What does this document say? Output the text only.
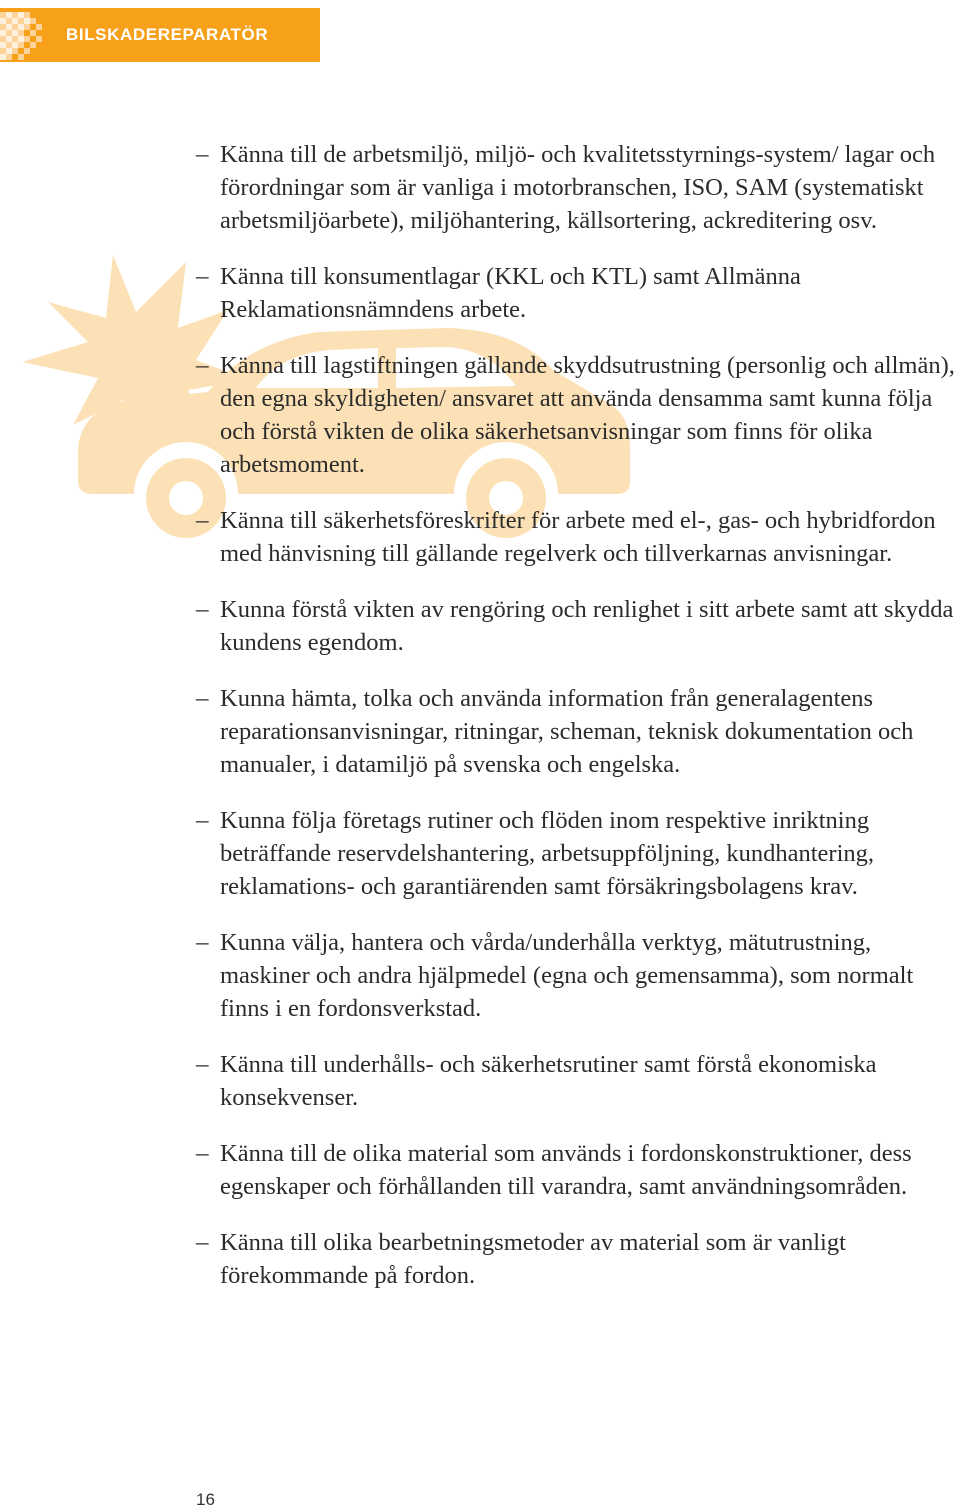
BILSKADEREPARATÖR
– Känna till de arbetsmiljö, miljö- och kvalitetsstyrnings-system/ lagar och förordningar som är vanliga i motorbranschen, ISO, SAM (systematiskt arbetsmiljöarbete), miljöhantering, källsortering, ackreditering osv.
– Känna till konsumentlagar (KKL och KTL) samt Allmänna Reklamationsnämndens arbete.
– Känna till lagstiftningen gällande skyddsutrustning (personlig och allmän), den egna skyldigheten/ ansvaret att använda densamma samt kunna följa och förstå vikten de olika säkerhetsanvisningar som finns för olika arbetsmoment.
– Känna till säkerhetsföreskrifter för arbete med el-, gas- och hybridfordon med hänvisning till gällande regelverk och tillverkarnas anvisningar.
– Kunna förstå vikten av rengöring och renlighet i sitt arbete samt att skydda kundens egendom.
– Kunna hämta, tolka och använda information från generalagentens reparationsanvisningar, ritningar, scheman, teknisk dokumentation och manualer, i datamiljö på svenska och engelska.
– Kunna följa företags rutiner och flöden inom respektive inriktning beträffande reservdelshantering, arbetsuppföljning, kundhantering, reklamations- och garantiärenden samt försäkringsbolagens krav.
– Kunna välja, hantera och vårda/underhålla verktyg, mätutrustning, maskiner och andra hjälpmedel (egna och gemensamma), som normalt finns i en fordonsverkstad.
– Känna till underhålls- och säkerhetsrutiner samt förstå ekonomiska konsekvenser.
– Känna till de olika material som används i fordonskonstruktioner, dess egenskaper och förhållanden till varandra, samt användningsområden.
– Känna till olika bearbetningsmetoder av material som är vanligt förekommande på fordon.
16
